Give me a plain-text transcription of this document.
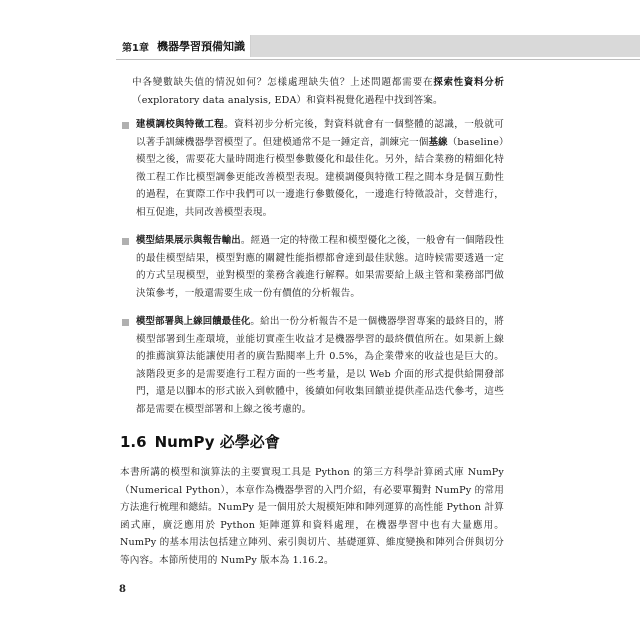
第1章 機器學習預備知識

中各變數缺失值的情況如何？怎樣處理缺失值？上述問題都需要在探索性資料分析（exploratory data analysis, EDA）和資料視覺化過程中找到答案。

建模調校與特徵工程。資料初步分析完後，對資料就會有一個整體的認識，一般就可以著手訓練機器學習模型了。但建模通常不是一錘定音，訓練完一個基線（baseline）模型之後，需要花大量時間進行模型參數優化和最佳化。另外，結合業務的精細化特徵工程工作比模型調參更能改善模型表現。建模調優與特徵工程之間本身是個互動性的過程，在實際工作中我們可以一邊進行參數優化，一邊進行特徵設計，交替進行，相互促進，共同改善模型表現。
模型結果展示與報告輸出。經過一定的特徵工程和模型優化之後，一般會有一個階段性的最佳模型結果，模型對應的關鍵性能指標都會達到最佳狀態。這時候需要透過一定的方式呈現模型，並對模型的業務含義進行解釋。如果需要給上級主管和業務部門做決策參考，一般還需要生成一份有價值的分析報告。
模型部署與上線回饋最佳化。給出一份分析報告不是一個機器學習專案的最終目的，將模型部署到生產環境，並能切實產生收益才是機器學習的最終價值所在。如果新上線的推薦演算法能讓使用者的廣告點閱率上升 0.5%，為企業帶來的收益也是巨大的。該階段更多的是需要進行工程方面的一些考量，是以 Web 介面的形式提供給開發部門，還是以腳本的形式嵌入到軟體中，後續如何收集回饋並提供產品迭代參考，這些都是需要在模型部署和上線之後考慮的。
1.6 NumPy 必學必會

本書所講的模型和演算法的主要實現工具是 Python 的第三方科學計算函式庫 NumPy（Numerical Python），本章作為機器學習的入門介紹，有必要單獨對 NumPy 的常用方法進行梳理和總結。NumPy 是一個用於大規模矩陣和陣列運算的高性能 Python 計算函式庫，廣泛應用於 Python 矩陣運算和資料處理，在機器學習中也有大量應用。NumPy 的基本用法包括建立陣列、索引與切片、基礎運算、維度變換和陣列合併與切分等內容。本節所使用的 NumPy 版本為 1.16.2。

8
